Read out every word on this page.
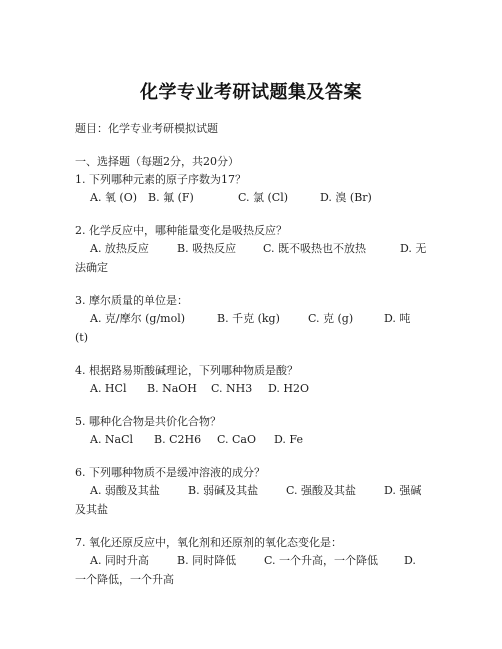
化学专业考研试题集及答案
题目：化学专业考研模拟试题
一、选择题（每题2分，共20分）
1. 下列哪种元素的原子序数为17？
A. 氧 (O) B. 氟 (F)	C. 氯 (Cl)	D. 溴 (Br)
2. 化学反应中，哪种能量变化是吸热反应？
A. 放热反应	B. 吸热反应 C. 既不吸热也不放热	D. 无
法确定
3. 摩尔质量的单位是：
A. 克/摩尔 (g/mol)	B. 千克 (kg)	C. 克 (g)	D. 吨
(t)
4. 根据路易斯酸碱理论，下列哪种物质是酸？
A. HCl B. NaOH C. NH3 D. H2O
5. 哪种化合物是共价化合物？
A. NaCl B. C2H6 C. CaO D. Fe
6. 下列哪种物质不是缓冲溶液的成分？
A. 弱酸及其盐	B. 弱碱及其盐	C. 强酸及其盐	D. 强碱
及其盐
7. 氧化还原反应中，氧化剂和还原剂的氧化态变化是：
A. 同时升高	B. 同时降低	C. 一个升高，一个降低 D.
一个降低，一个升高
